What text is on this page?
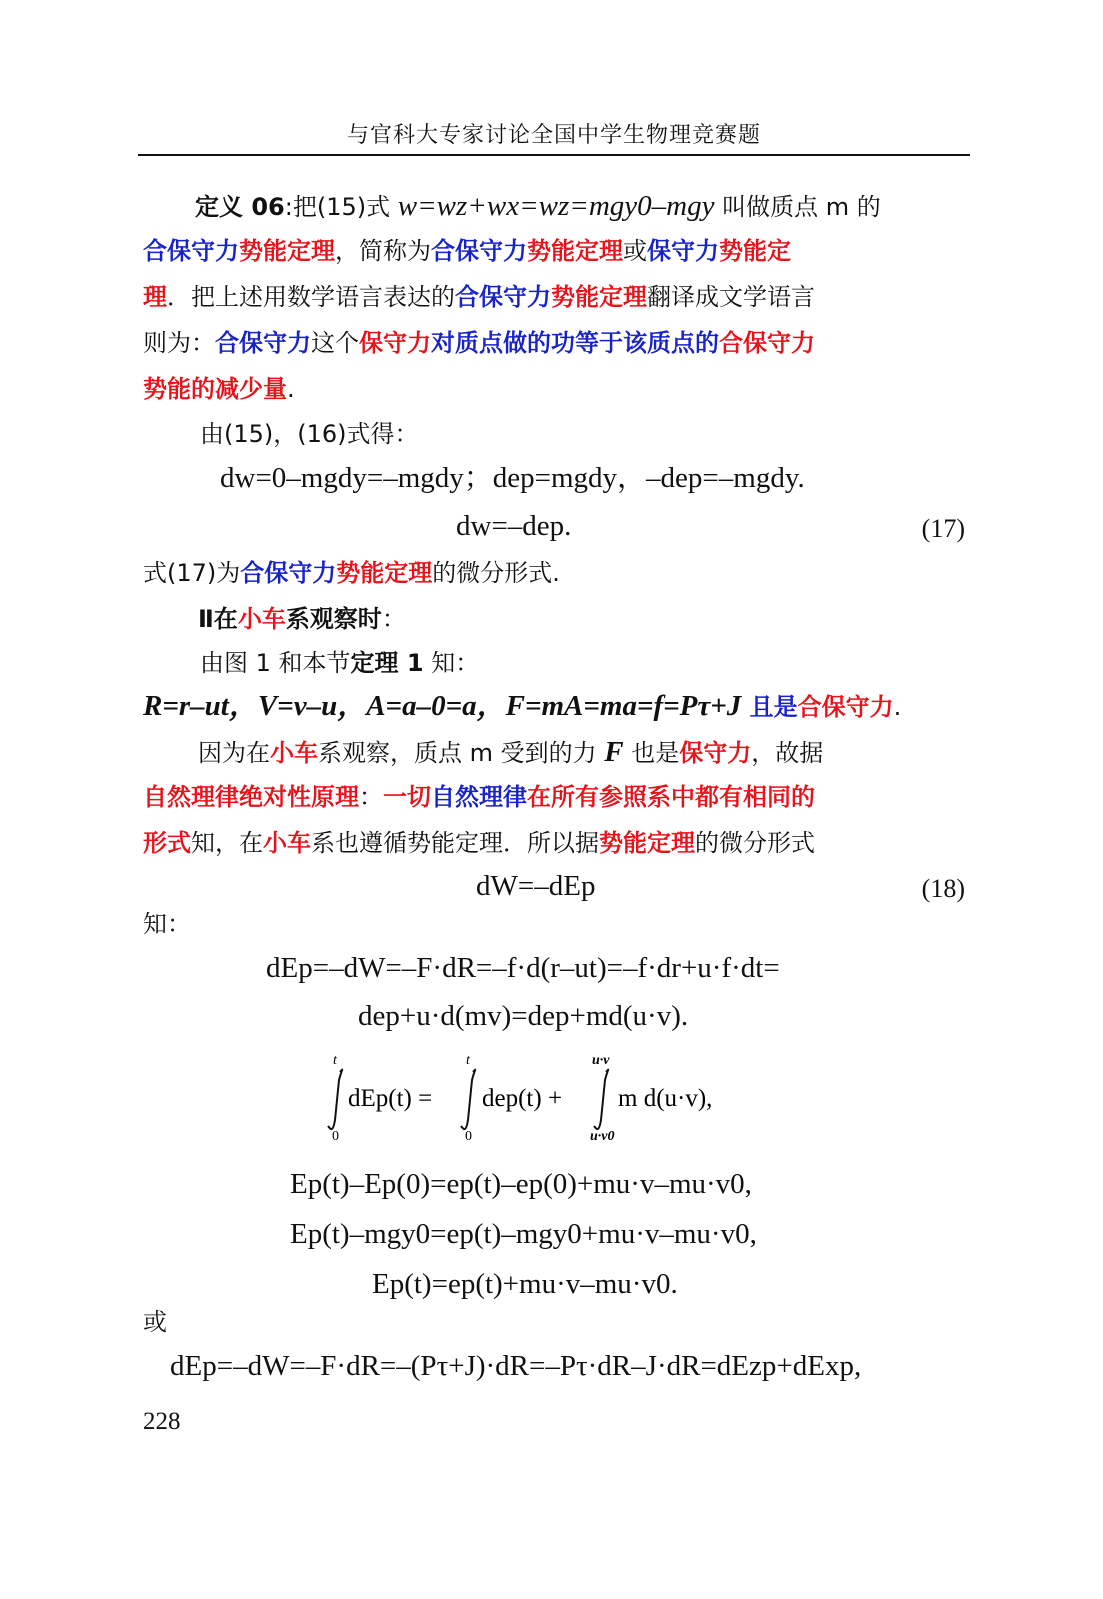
与官科大专家讨论全国中学生物理竞赛题
定义 06:把(15)式 w=wz+wx=wz=mgy0–mgy 叫做质点 m 的
合保守力势能定理，简称为合保守力势能定理或保守力势能定
理．把上述用数学语言表达的合保守力势能定理翻译成文学语言
则为：合保守力这个保守力对质点做的功等于该质点的合保守力
势能的减少量.
由(15)，(16)式得：
dw=0–mgdy=–mgdy；dep=mgdy，–dep=–mgdy.
dw=–dep.	(17)
式(17)为合保守力势能定理的微分形式.
Ⅱ在小车系观察时：
由图 1 和本节定理 1 知：
R=r–ut，V=v–u，A=a–0=a，F=mA=ma=f=Pτ+J 且是合保守力.
因为在小车系观察，质点 m 受到的力 F 也是保守力，故据
自然理律绝对性原理：一切自然理律在所有参照系中都有相同的
形式知，在小车系也遵循势能定理．所以据势能定理的微分形式
dW=–dEp	(18)
知：
dEp=–dW=–F·dR=–f·d(r–ut)=–f·dr+u·f·dt=
dep+u·d(mv)=dep+md(u·v).
t
0
dEp(t) =
t
0
dep(t) +
u·v
u·v0
m d(u·v),
Ep(t)–Ep(0)=ep(t)–ep(0)+mu·v–mu·v0,
Ep(t)–mgy0=ep(t)–mgy0+mu·v–mu·v0,
Ep(t)=ep(t)+mu·v–mu·v0.
或
dEp=–dW=–F·dR=–(Pτ+J)·dR=–Pτ·dR–J·dR=dEzp+dExp,
228
